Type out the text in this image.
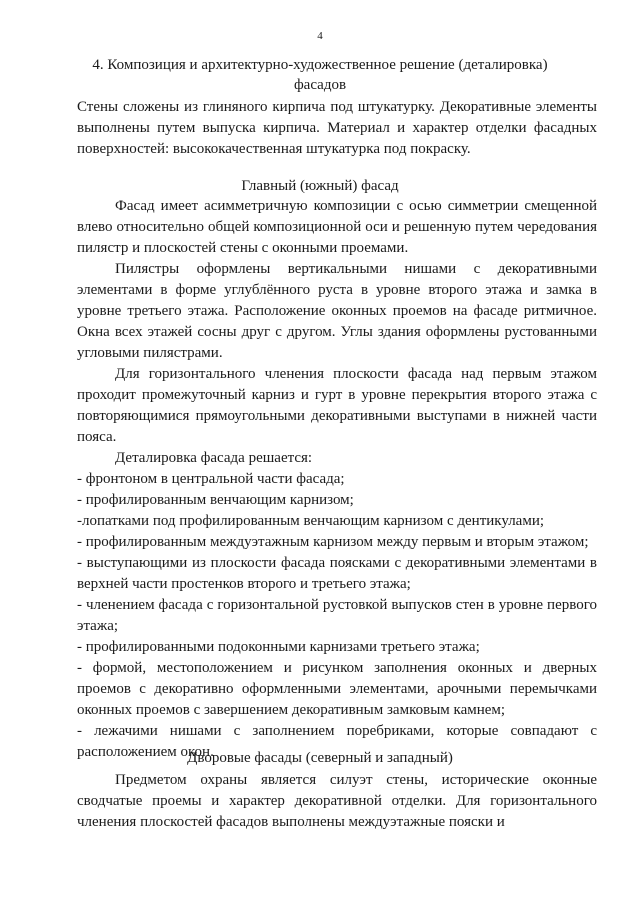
4
4. Композиция и архитектурно-художественное решение (деталировка)
фасадов

Стены сложены из глиняного кирпича под штукатурку. Декоративные элементы выполнены путем выпуска кирпича. Материал и характер отделки фасадных поверхностей: высококачественная штукатурка под покраску.

Главный (южный) фасад

Фасад имеет асимметричную композиции с осью симметрии смещенной влево относительно общей композиционной оси и решенную путем чередования пилястр и плоскостей стены с оконными проемами.

Пилястры оформлены вертикальными нишами с декоративными элементами в форме углублённого руста в уровне второго этажа и замка в уровне третьего этажа. Расположение оконных проемов на фасаде ритмичное. Окна всех этажей сосны друг с другом. Углы здания оформлены рустованными угловыми пилястрами.

Для горизонтального членения плоскости фасада над первым этажом проходит промежуточный карниз и гурт в уровне перекрытия второго этажа с повторяющимися прямоугольными декоративными выступами в нижней части пояса.

Деталировка фасада решается:

- фронтоном в центральной части фасада;

- профилированным венчающим карнизом;

-лопатками под профилированным венчающим карнизом с дентикулами;

- профилированным междуэтажным карнизом между первым и вторым этажом;

- выступающими из плоскости фасада поясками с декоративными элементами в верхней части простенков второго и третьего этажа;

- членением фасада с горизонтальной рустовкой выпусков стен в уровне первого этажа;

- профилированными подоконными карнизами третьего этажа;

- формой, местоположением и рисунком заполнения оконных и дверных проемов с декоративно оформленными элементами, арочными перемычками оконных проемов с завершением декоративным замковым камнем;

- лежачими нишами с заполнением поребриками, которые совпадают с расположением окон.

Дворовые фасады (северный и западный)

Предметом охраны является силуэт стены, исторические оконные сводчатые проемы и характер декоративной отделки. Для горизонтального членения плоскостей фасадов выполнены междуэтажные пояски и
